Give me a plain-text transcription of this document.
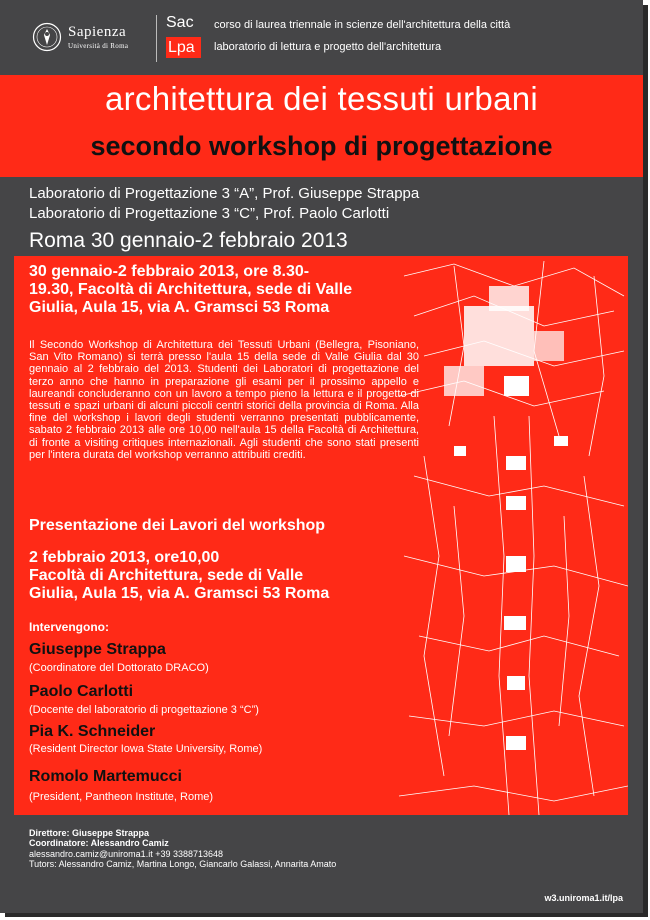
Sapienza
Università di Roma
Sac
Lpa
corso di laurea triennale in scienze dell'architettura della città
laboratorio di lettura e progetto dell'architettura
architettura dei tessuti urbani
secondo workshop di progettazione
Laboratorio di Progettazione 3 “A”, Prof. Giuseppe Strappa
Laboratorio di Progettazione 3 “C”, Prof. Paolo Carlotti
Roma 30 gennaio-2 febbraio 2013
30 gennaio-2 febbraio 2013, ore 8.30-
19.30, Facoltà di Architettura, sede di Valle
Giulia, Aula 15, via A. Gramsci 53 Roma

Il Secondo Workshop di Architettura dei Tessuti Urbani (Bellegra, Pisoniano, San Vito Romano) si terrà presso l'aula 15 della sede di Valle Giulia dal 30 gennaio al 2 febbraio del 2013. Studenti dei Laboratori di progettazione del terzo anno che hanno in preparazione gli esami per il prossimo appello e laureandi concluderanno con un lavoro a tempo pieno la lettura e il progetto di tessuti e spazi urbani di alcuni piccoli centri storici della provincia di Roma. Alla fine del workshop i lavori degli studenti verranno presentati pubblicamente, sabato 2 febbraio 2013 alle ore 10,00 nell'aula 15 della Facoltà di Architettura, di fronte a visiting critiques internazionali. Agli studenti che sono stati presenti per l'intera durata del workshop verranno attribuiti crediti.

Presentazione dei Lavori del workshop
2 febbraio 2013, ore10,00
Facoltà di Architettura, sede di Valle
Giulia, Aula 15, via A. Gramsci 53 Roma
Intervengono:
Giuseppe Strappa
(Coordinatore del Dottorato DRACO)
Paolo Carlotti
(Docente del laboratorio di progettazione 3 “C”)
Pia K. Schneider
(Resident Director Iowa State University, Rome)
Romolo Martemucci
(President, Pantheon Institute, Rome)
Direttore: Giuseppe Strappa
Coordinatore: Alessandro Camiz
alessandro.camiz@uniroma1.it +39 3388713648
Tutors: Alessandro Camiz, Martina Longo, Giancarlo Galassi, Annarita Amato
w3.uniroma1.it/lpa
